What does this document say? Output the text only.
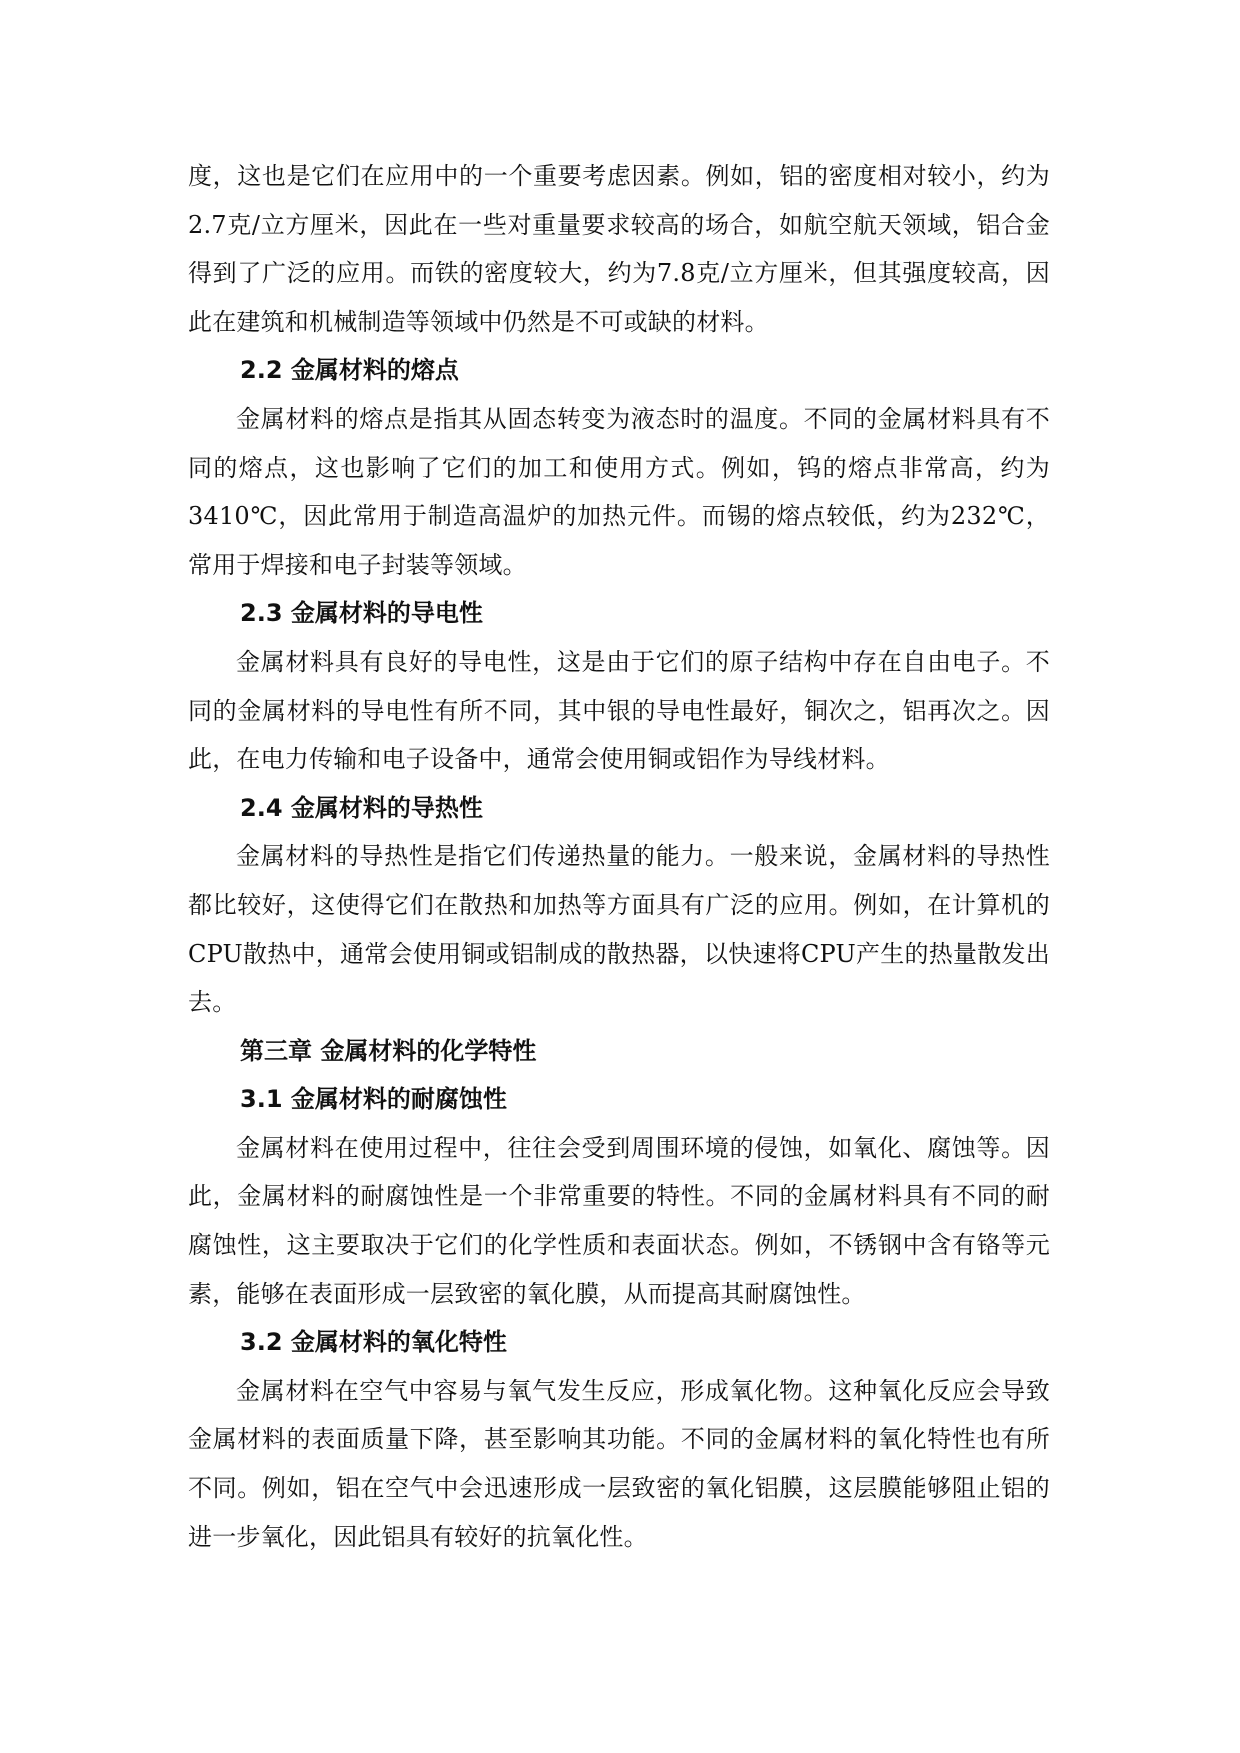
度，这也是它们在应用中的一个重要考虑因素。例如，铝的密度相对较小，约为2.7克/立方厘米，因此在一些对重量要求较高的场合，如航空航天领域，铝合金得到了广泛的应用。而铁的密度较大，约为7.8克/立方厘米，但其强度较高，因此在建筑和机械制造等领域中仍然是不可或缺的材料。

2.2 金属材料的熔点

金属材料的熔点是指其从固态转变为液态时的温度。不同的金属材料具有不同的熔点，这也影响了它们的加工和使用方式。例如，钨的熔点非常高，约为3410℃，因此常用于制造高温炉的加热元件。而锡的熔点较低，约为232℃，常用于焊接和电子封装等领域。

2.3 金属材料的导电性

金属材料具有良好的导电性，这是由于它们的原子结构中存在自由电子。不同的金属材料的导电性有所不同，其中银的导电性最好，铜次之，铝再次之。因此，在电力传输和电子设备中，通常会使用铜或铝作为导线材料。

2.4 金属材料的导热性

金属材料的导热性是指它们传递热量的能力。一般来说，金属材料的导热性都比较好，这使得它们在散热和加热等方面具有广泛的应用。例如，在计算机的CPU散热中，通常会使用铜或铝制成的散热器，以快速将CPU产生的热量散发出去。

第三章 金属材料的化学特性
3.1 金属材料的耐腐蚀性

金属材料在使用过程中，往往会受到周围环境的侵蚀，如氧化、腐蚀等。因此，金属材料的耐腐蚀性是一个非常重要的特性。不同的金属材料具有不同的耐腐蚀性，这主要取决于它们的化学性质和表面状态。例如，不锈钢中含有铬等元素，能够在表面形成一层致密的氧化膜，从而提高其耐腐蚀性。

3.2 金属材料的氧化特性

金属材料在空气中容易与氧气发生反应，形成氧化物。这种氧化反应会导致金属材料的表面质量下降，甚至影响其功能。不同的金属材料的氧化特性也有所不同。例如，铝在空气中会迅速形成一层致密的氧化铝膜，这层膜能够阻止铝的进一步氧化，因此铝具有较好的抗氧化性。
